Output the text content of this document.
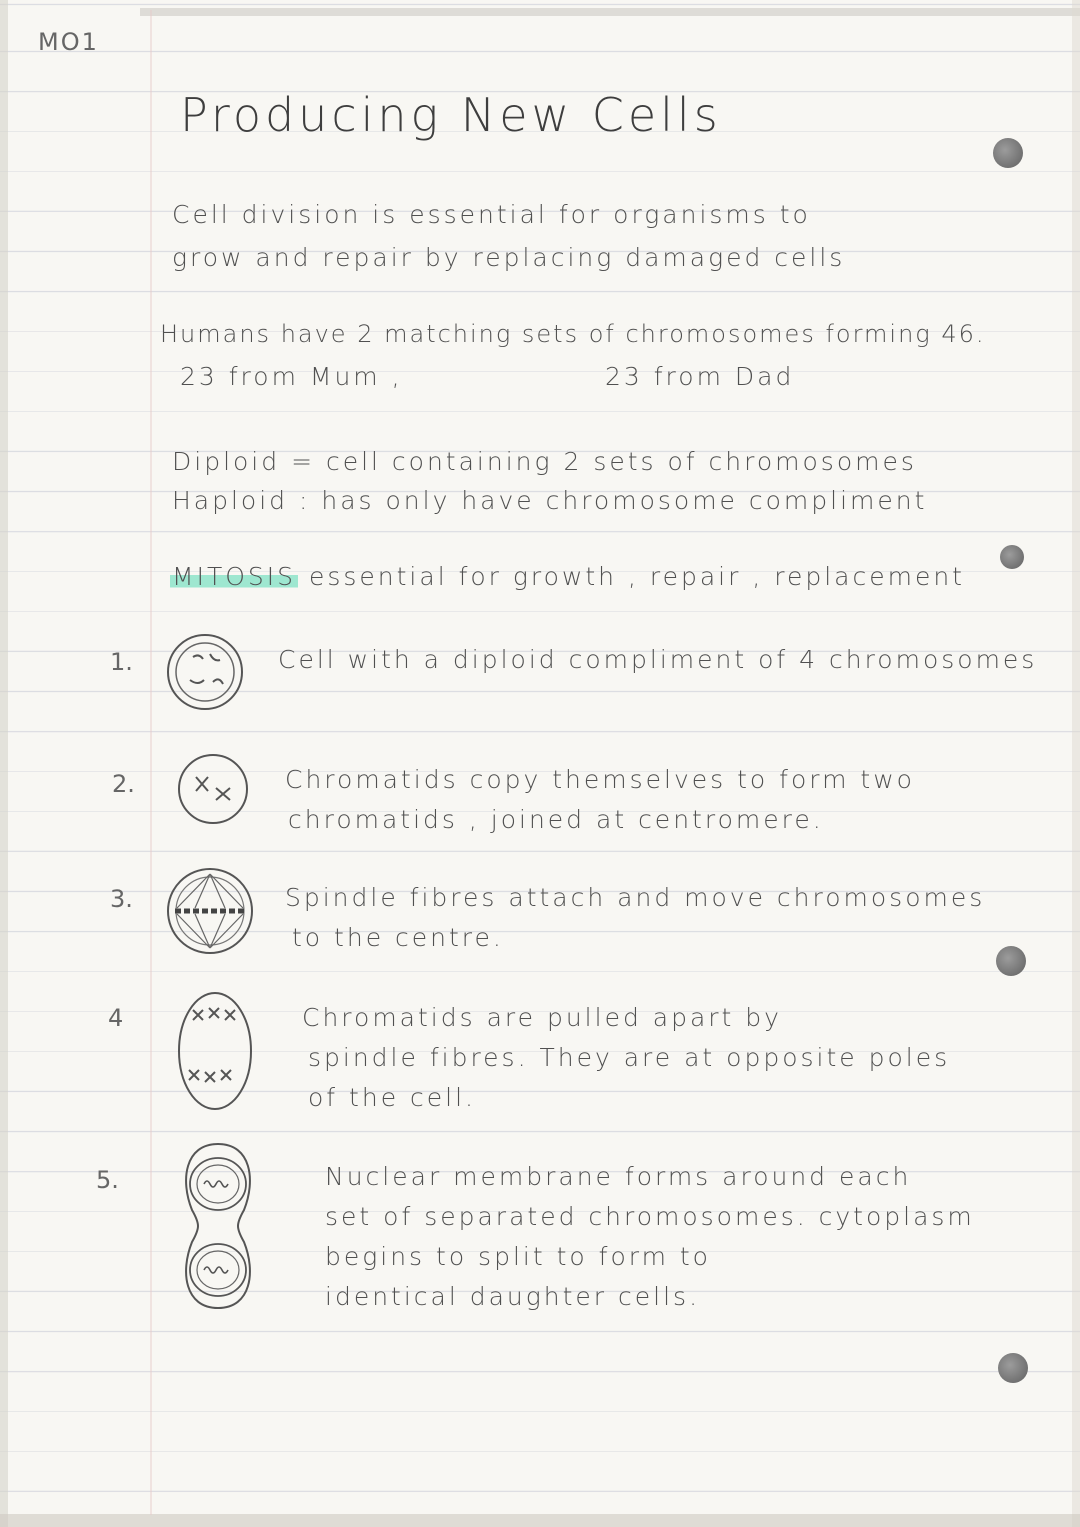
MO1
Producing New Cells
Cell division is essential for organisms to
grow and repair by replacing damaged cells
Humans have 2 matching sets of chromosomes forming 46.
23 from Mum ,	23 from Dad
Diploid = cell containing 2 sets of chromosomes
Haploid : has only have chromosome compliment
MITOSIS essential for growth , repair , replacement
1.	Cell with a diploid compliment of 4 chromosomes
2.	Chromatids copy themselves to form two
chromatids , joined at centromere.
3.	Spindle fibres attach and move chromosomes
to the centre.
4	Chromatids are pulled apart by
spindle fibres. They are at opposite poles
of the cell.
5.	Nuclear membrane forms around each
set of separated chromosomes. cytoplasm
begins to split to form to
identical daughter cells.
